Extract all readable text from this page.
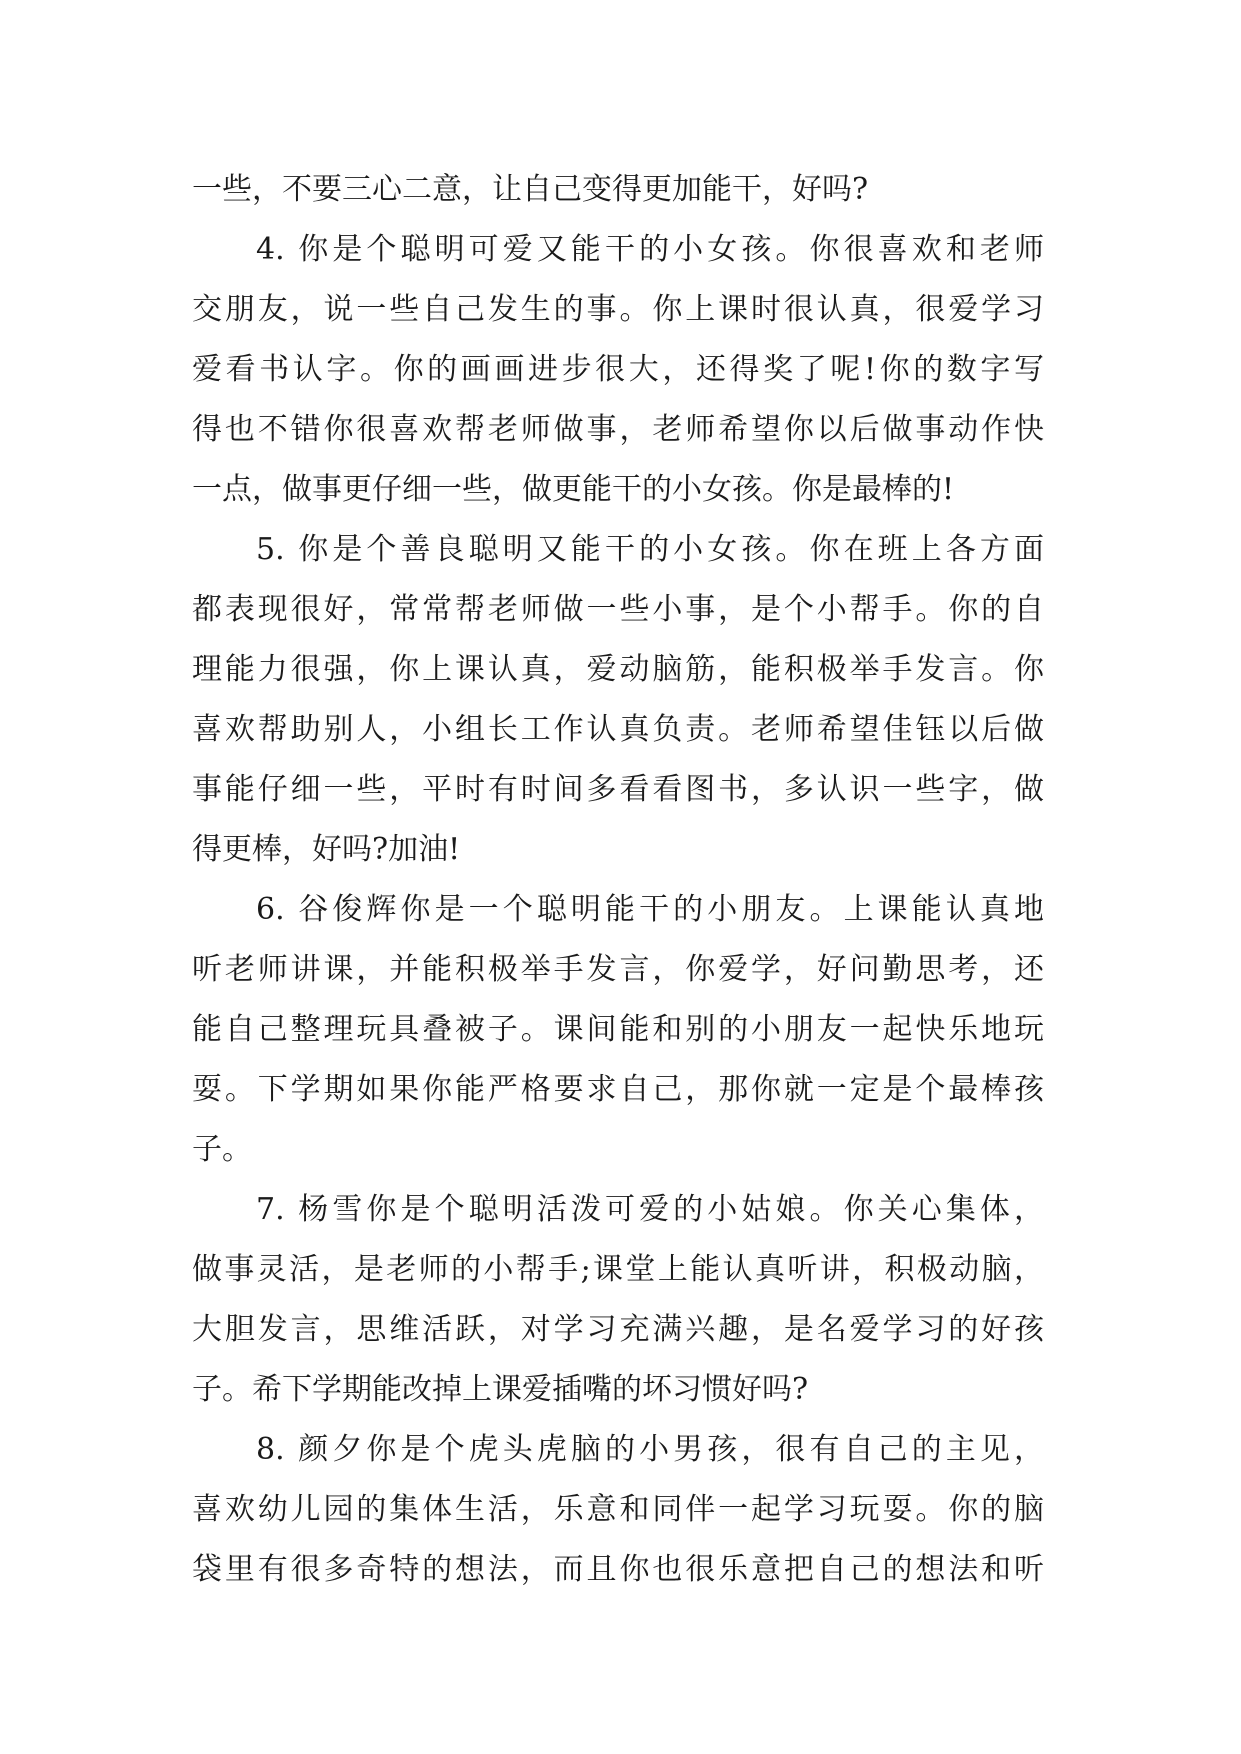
一些，不要三心二意，让自己变得更加能干，好吗?
4. 你是个聪明可爱又能干的小女孩。你很喜欢和老师
交朋友，说一些自己发生的事。你上课时很认真，很爱学习
爱看书认字。你的画画进步很大，还得奖了呢!你的数字写
得也不错你很喜欢帮老师做事，老师希望你以后做事动作快
一点，做事更仔细一些，做更能干的小女孩。你是最棒的!
5. 你是个善良聪明又能干的小女孩。你在班上各方面
都表现很好，常常帮老师做一些小事，是个小帮手。你的自
理能力很强，你上课认真，爱动脑筋，能积极举手发言。你
喜欢帮助别人，小组长工作认真负责。老师希望佳钰以后做
事能仔细一些，平时有时间多看看图书，多认识一些字，做
得更棒，好吗?加油!
6. 谷俊辉你是一个聪明能干的小朋友。上课能认真地
听老师讲课，并能积极举手发言，你爱学，好问勤思考，还
能自己整理玩具叠被子。课间能和别的小朋友一起快乐地玩
耍。下学期如果你能严格要求自己，那你就一定是个最棒孩
子。
7. 杨雪你是个聪明活泼可爱的小姑娘。你关心集体，
做事灵活，是老师的小帮手;课堂上能认真听讲，积极动脑，
大胆发言，思维活跃，对学习充满兴趣，是名爱学习的好孩
子。希下学期能改掉上课爱插嘴的坏习惯好吗?
8. 颜夕你是个虎头虎脑的小男孩，很有自己的主见，
喜欢幼儿园的集体生活，乐意和同伴一起学习玩耍。你的脑
袋里有很多奇特的想法，而且你也很乐意把自己的想法和听
